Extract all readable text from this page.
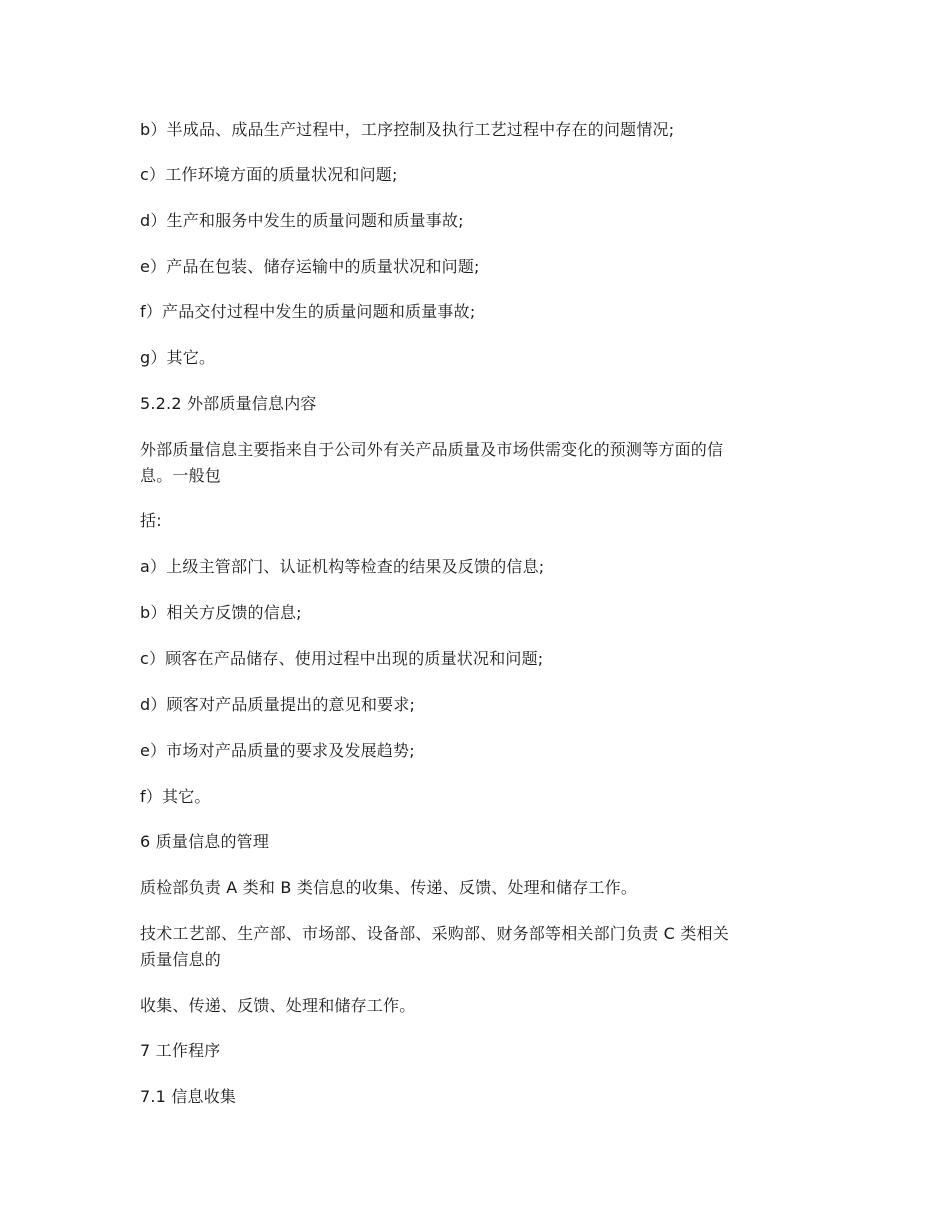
b）半成品、成品生产过程中，工序控制及执行工艺过程中存在的问题情况;
c）工作环境方面的质量状况和问题;
d）生产和服务中发生的质量问题和质量事故;
e）产品在包装、储存运输中的质量状况和问题;
f）产品交付过程中发生的质量问题和质量事故;
g）其它。
5.2.2 外部质量信息内容
外部质量信息主要指来自于公司外有关产品质量及市场供需变化的预测等方面的信
息。一般包
括:
a）上级主管部门、认证机构等检查的结果及反馈的信息;
b）相关方反馈的信息;
c）顾客在产品储存、使用过程中出现的质量状况和问题;
d）顾客对产品质量提出的意见和要求;
e）市场对产品质量的要求及发展趋势;
f）其它。
6 质量信息的管理
质检部负责 A 类和 B 类信息的收集、传递、反馈、处理和储存工作。
技术工艺部、生产部、市场部、设备部、采购部、财务部等相关部门负责 C 类相关
质量信息的
收集、传递、反馈、处理和储存工作。
7 工作程序
7.1 信息收集
